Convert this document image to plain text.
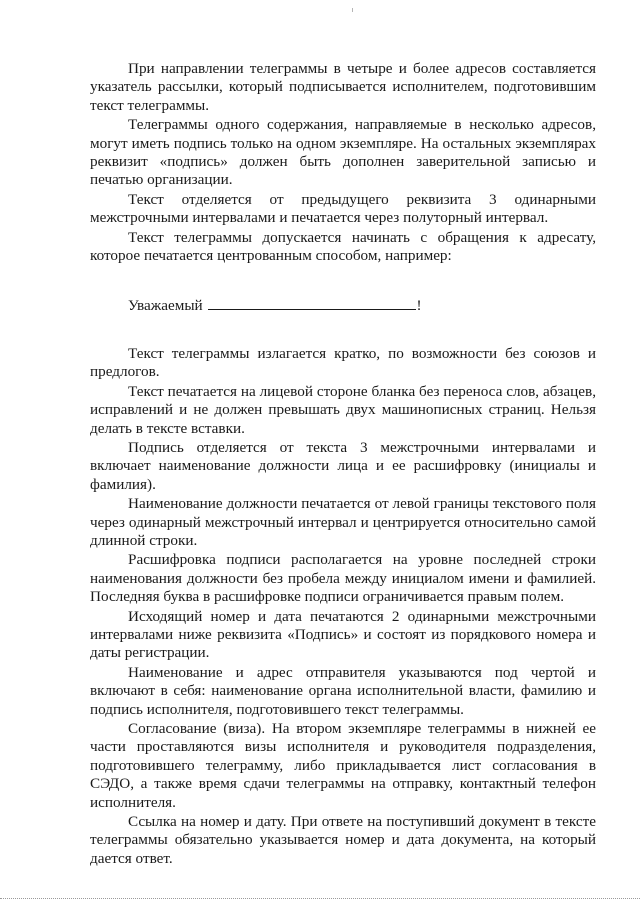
При направлении телеграммы в четыре и более адресов составляется указатель рассылки, который подписывается исполнителем, подготовившим текст телеграммы.

Телеграммы одного содержания, направляемые в несколько адресов, могут иметь подпись только на одном экземпляре. На остальных экземплярах реквизит «подпись» должен быть дополнен заверительной записью и печатью организации.

Текст отделяется от предыдущего реквизита 3 одинарными межстрочными интервалами и печатается через полуторный интервал.

Текст телеграммы допускается начинать с обращения к адресату, которое печатается центрованным способом, например:

Уважаемый	!

Текст телеграммы излагается кратко, по возможности без союзов и предлогов.

Текст печатается на лицевой стороне бланка без переноса слов, абзацев, исправлений и не должен превышать двух машинописных страниц. Нельзя делать в тексте вставки.

Подпись отделяется от текста 3 межстрочными интервалами и включает наименование должности лица и ее расшифровку (инициалы и фамилия).

Наименование должности печатается от левой границы текстового поля через одинарный межстрочный интервал и центрируется относительно самой длинной строки.

Расшифровка подписи располагается на уровне последней строки наименования должности без пробела между инициалом имени и фамилией. Последняя буква в расшифровке подписи ограничивается правым полем.

Исходящий номер и дата печатаются 2 одинарными межстрочными интервалами ниже реквизита «Подпись» и состоят из порядкового номера и даты регистрации.

Наименование и адрес отправителя указываются под чертой и включают в себя: наименование органа исполнительной власти, фамилию и подпись исполнителя, подготовившего текст телеграммы.

Согласование (виза). На втором экземпляре телеграммы в нижней ее части проставляются визы исполнителя и руководителя подразделения, подготовившего телеграмму, либо прикладывается лист согласования в СЭДО, а также время сдачи телеграммы на отправку, контактный телефон исполнителя.

Ссылка на номер и дату. При ответе на поступивший документ в тексте телеграммы обязательно указывается номер и дата документа, на который дается ответ.
